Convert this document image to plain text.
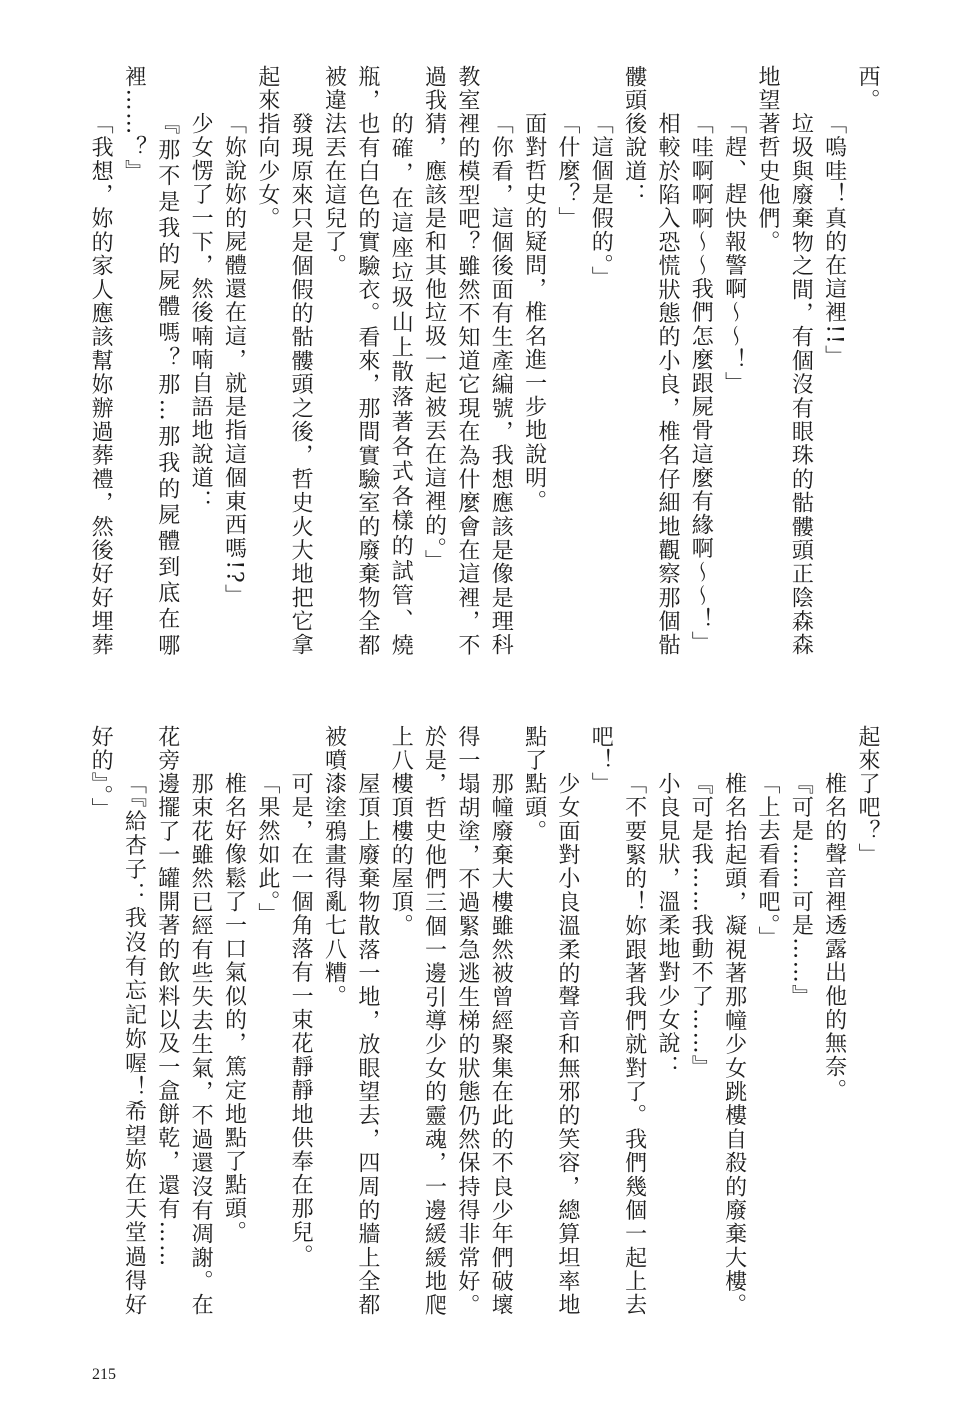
西。
「嗚哇！真的在這裡!!」
垃圾與廢棄物之間，有個沒有眼珠的骷髏頭正陰森森
地望著哲史他們。
「趕、趕快報警啊～～！」
「哇啊啊啊～～我們怎麼跟屍骨這麼有緣啊～～！」
相較於陷入恐慌狀態的小良，椎名仔細地觀察那個骷
髏頭後說道：
「這個是假的。」
「什麼？」
面對哲史的疑問，椎名進一步地說明。
「你看，這個後面有生產編號，我想應該是像是理科
教室裡的模型吧？雖然不知道它現在為什麼會在這裡，不
過我猜，應該是和其他垃圾一起被丟在這裡的。」
的確，在這座垃圾山上散落著各式各樣的試管、燒
瓶，也有白色的實驗衣。看來，那間實驗室的廢棄物全都
被違法丟在這兒了。
發現原來只是個假的骷髏頭之後，哲史火大地把它拿
起來指向少女。
「妳說妳的屍體還在這，就是指這個東西嗎!?」
少女愣了一下，然後喃喃自語地說道：
『那不是我的屍體嗎？那…那我的屍體到底在哪
裡……？』
「我想，妳的家人應該幫妳辦過葬禮，然後好好埋葬
起來了吧？」
椎名的聲音裡透露出他的無奈。
『可是……可是……』
「上去看看吧。」
椎名抬起頭，凝視著那幢少女跳樓自殺的廢棄大樓。
『可是我……我動不了……』
小良見狀，溫柔地對少女說：
「不要緊的！妳跟著我們就對了。我們幾個一起上去
吧！」
少女面對小良溫柔的聲音和無邪的笑容，總算坦率地
點了點頭。
那幢廢棄大樓雖然被曾經聚集在此的不良少年們破壞
得一塌胡塗，不過緊急逃生梯的狀態仍然保持得非常好。
於是，哲史他們三個一邊引導少女的靈魂，一邊緩緩地爬
上八樓頂樓的屋頂。
屋頂上廢棄物散落一地，放眼望去，四周的牆上全都
被噴漆塗鴉畫得亂七八糟。
可是，在一個角落有一束花靜靜地供奉在那兒。
「果然如此。」
椎名好像鬆了一口氣似的，篤定地點了點頭。
那束花雖然已經有些失去生氣，不過還沒有凋謝。在
花旁邊擺了一罐開著的飲料以及一盒餅乾，還有……
「『給杏子：我沒有忘記妳喔！希望妳在天堂過得好
好的』。」
215
